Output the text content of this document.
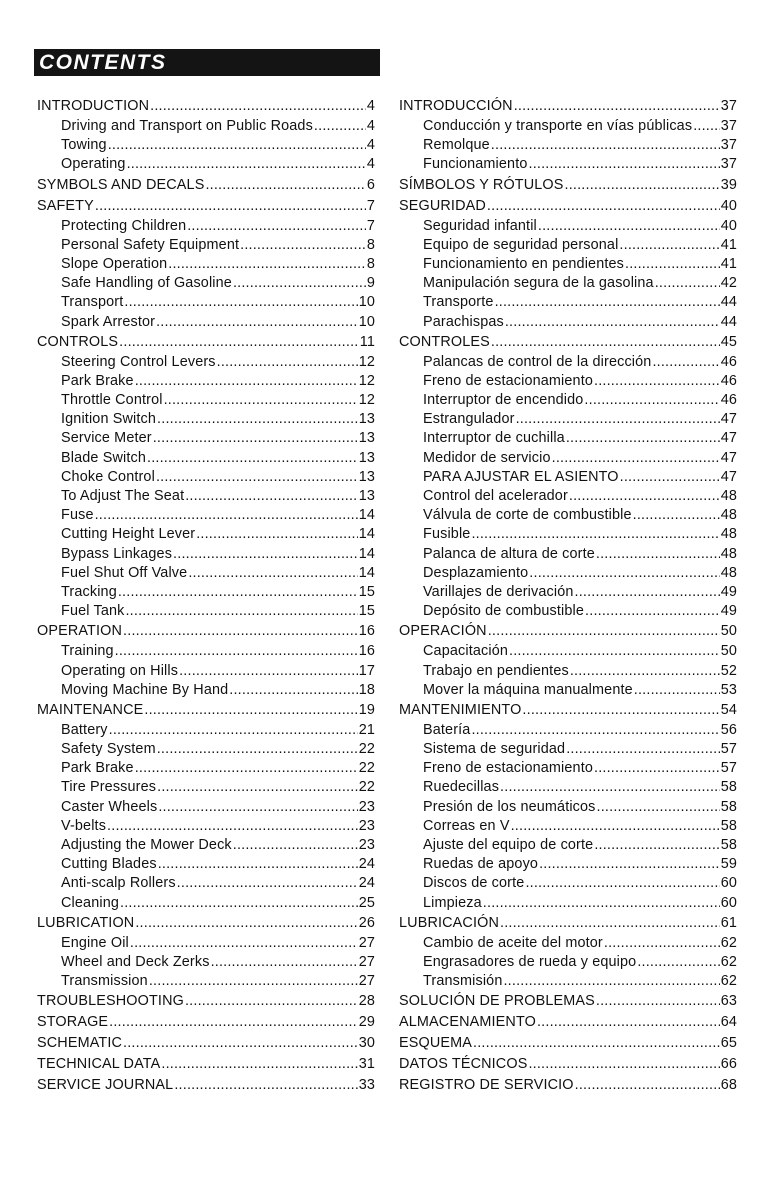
CONTENTS
INTRODUCTION .....	4
Driving and Transport on Public Roads .....	4
Towing .....	4
Operating .....	4
SYMBOLS AND DECALS .....	6
SAFETY .....	7
Protecting Children .....	7
Personal Safety Equipment .....	8
Slope Operation .....	8
Safe Handling of Gasoline .....	9
Transport .....	10
Spark Arrestor .....	10
CONTROLS .....	11
Steering Control Levers .....	12
Park Brake .....	12
Throttle Control .....	12
Ignition Switch .....	13
Service Meter .....	13
Blade Switch .....	13
Choke Control .....	13
To Adjust The Seat .....	13
Fuse .....	14
Cutting Height Lever .....	14
Bypass Linkages .....	14
Fuel Shut Off Valve .....	14
Tracking .....	15
Fuel Tank .....	15
OPERATION .....	16
Training .....	16
Operating on Hills .....	17
Moving Machine By Hand .....	18
MAINTENANCE .....	19
Battery .....	21
Safety System .....	22
Park Brake .....	22
Tire Pressures .....	22
Caster Wheels .....	23
V-belts .....	23
Adjusting the Mower Deck .....	23
Cutting Blades .....	24
Anti-scalp Rollers .....	24
Cleaning .....	25
LUBRICATION .....	26
Engine Oil .....	27
Wheel and Deck Zerks .....	27
Transmission .....	27
TROUBLESHOOTING .....	28
STORAGE .....	29
SCHEMATIC .....	30
TECHNICAL DATA .....	31
SERVICE JOURNAL .....	33
INTRODUCCIÓN .....	37
Conducción y transporte en vías públicas ..... 37
Remolque .....	37
Funcionamiento .....	37
SÍMBOLOS Y RÓTULOS .....	39
SEGURIDAD .....	40
Seguridad infantil .....	40
Equipo de seguridad personal .....	41
Funcionamiento en pendientes .....	41
Manipulación segura de la gasolina .....	42
Transporte .....	44
Parachispas .....	44
CONTROLES .....	45
Palancas de control de la dirección .....	46
Freno de estacionamiento .....	46
Interruptor de encendido .....	46
Estrangulador .....	47
Interruptor de cuchilla .....	47
Medidor de servicio .....	47
PARA AJUSTAR EL ASIENTO .....	47
Control del acelerador .....	48
Válvula de corte de combustible .....	48
Fusible .....	48
Palanca de altura de corte .....	48
Desplazamiento .....	48
Varillajes de derivación .....	49
Depósito de combustible .....	49
OPERACIÓN .....	50
Capacitación .....	50
Trabajo en pendientes .....	52
Mover la máquina manualmente .....	53
MANTENIMIENTO .....	54
Batería .....	56
Sistema de seguridad .....	57
Freno de estacionamiento .....	57
Ruedecillas .....	58
Presión de los neumáticos .....	58
Correas en V .....	58
Ajuste del equipo de corte .....	58
Ruedas de apoyo .....	59
Discos de corte .....	60
Limpieza .....	60
LUBRICACIÓN .....	61
Cambio de aceite del motor .....	62
Engrasadores de rueda y equipo .....	62
Transmisión .....	62
SOLUCIÓN DE PROBLEMAS .....	63
ALMACENAMIENTO .....	64
ESQUEMA .....	65
DATOS TÉCNICOS .....	66
REGISTRO DE SERVICIO .....	68
